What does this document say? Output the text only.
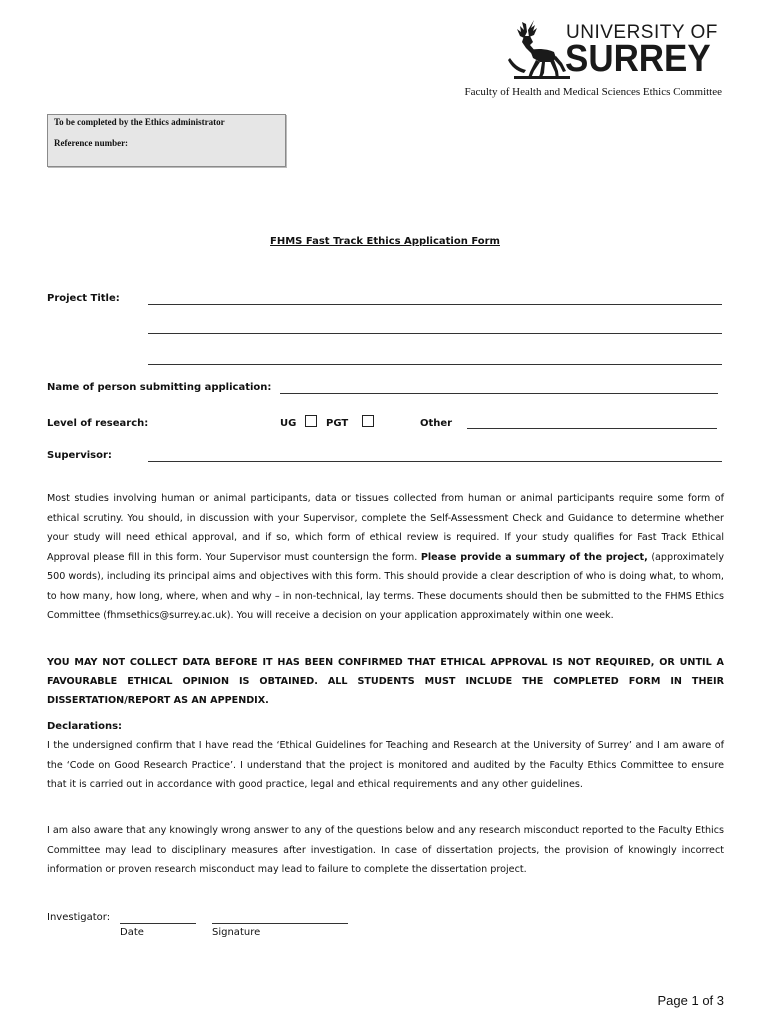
UNIVERSITY OF
SURREY
Faculty of Health and Medical Sciences Ethics Committee
To be completed by the Ethics administrator
Reference number:
FHMS Fast Track Ethics Application Form
Project Title:
Name of person submitting application:
Level of research:	UG	PGT	Other
Supervisor:
Most studies involving human or animal participants, data or tissues collected from human or animal participants require some form of ethical scrutiny. You should, in discussion with your Supervisor, complete the Self-Assessment Check and Guidance to determine whether your study will need ethical approval, and if so, which form of ethical review is required. If your study qualifies for Fast Track Ethical Approval please fill in this form. Your Supervisor must countersign the form. Please provide a summary of the project, (approximately 500 words), including its principal aims and objectives with this form. This should provide a clear description of who is doing what, to whom, to how many, how long, where, when and why – in non-technical, lay terms. These documents should then be submitted to the FHMS Ethics Committee (fhmsethics@surrey.ac.uk). You will receive a decision on your application approximately within one week.
YOU MAY NOT COLLECT DATA BEFORE IT HAS BEEN CONFIRMED THAT ETHICAL APPROVAL IS NOT REQUIRED, OR UNTIL A FAVOURABLE ETHICAL OPINION IS OBTAINED. ALL STUDENTS MUST INCLUDE THE COMPLETED FORM IN THEIR DISSERTATION/REPORT AS AN APPENDIX.
Declarations:
I the undersigned confirm that I have read the ‘Ethical Guidelines for Teaching and Research at the University of Surrey’ and I am aware of the ‘Code on Good Research Practice’. I understand that the project is monitored and audited by the Faculty Ethics Committee to ensure that it is carried out in accordance with good practice, legal and ethical requirements and any other guidelines.
I am also aware that any knowingly wrong answer to any of the questions below and any research misconduct reported to the Faculty Ethics Committee may lead to disciplinary measures after investigation. In case of dissertation projects, the provision of knowingly incorrect information or proven research misconduct may lead to failure to complete the dissertation project.
Investigator:
Date	Signature
Page 1 of 3
